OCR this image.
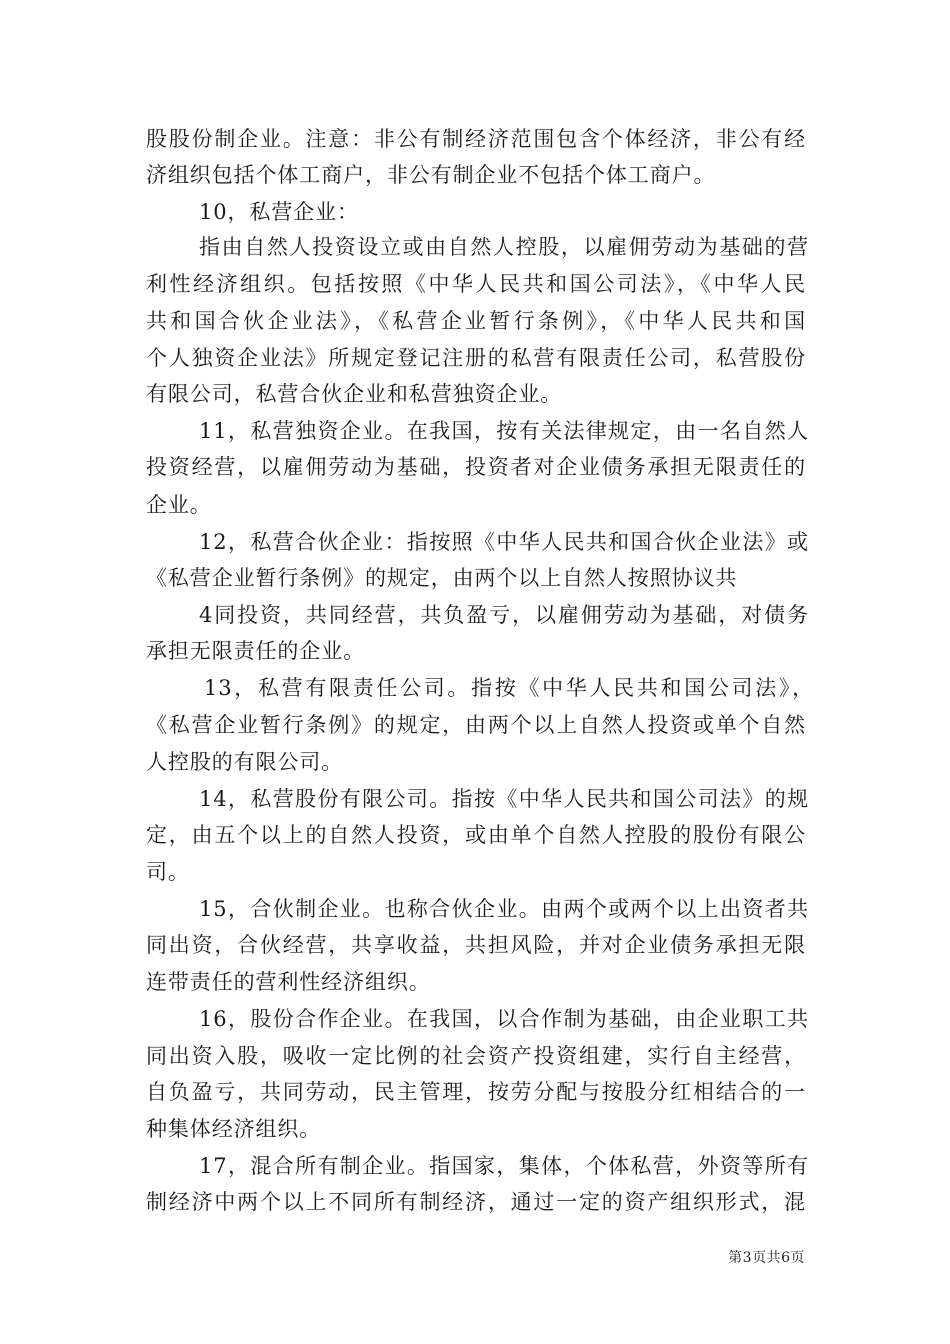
股股份制企业。注意：非公有制经济范围包含个体经济，非公有经
济组织包括个体工商户，非公有制企业不包括个体工商户。
10，私营企业：
指由自然人投资设立或由自然人控股，以雇佣劳动为基础的营
利性经济组织。包括按照《中华人民共和国公司法》，《中华人民
共和国合伙企业法》，《私营企业暂行条例》，《中华人民共和国
个人独资企业法》所规定登记注册的私营有限责任公司，私营股份
有限公司，私营合伙企业和私营独资企业。
11，私营独资企业。在我国，按有关法律规定，由一名自然人
投资经营，以雇佣劳动为基础，投资者对企业债务承担无限责任的
企业。
12，私营合伙企业：指按照《中华人民共和国合伙企业法》或
《私营企业暂行条例》的规定，由两个以上自然人按照协议共
4同投资，共同经营，共负盈亏，以雇佣劳动为基础，对债务
承担无限责任的企业。
13，私营有限责任公司。指按《中华人民共和国公司法》，
《私营企业暂行条例》的规定，由两个以上自然人投资或单个自然
人控股的有限公司。
14，私营股份有限公司。指按《中华人民共和国公司法》的规
定，由五个以上的自然人投资，或由单个自然人控股的股份有限公
司。
15，合伙制企业。也称合伙企业。由两个或两个以上出资者共
同出资，合伙经营，共享收益，共担风险，并对企业债务承担无限
连带责任的营利性经济组织。
16，股份合作企业。在我国，以合作制为基础，由企业职工共
同出资入股，吸收一定比例的社会资产投资组建，实行自主经营，
自负盈亏，共同劳动，民主管理，按劳分配与按股分红相结合的一
种集体经济组织。
17，混合所有制企业。指国家，集体，个体私营，外资等所有
制经济中两个以上不同所有制经济，通过一定的资产组织形式，混
第3页共6页
